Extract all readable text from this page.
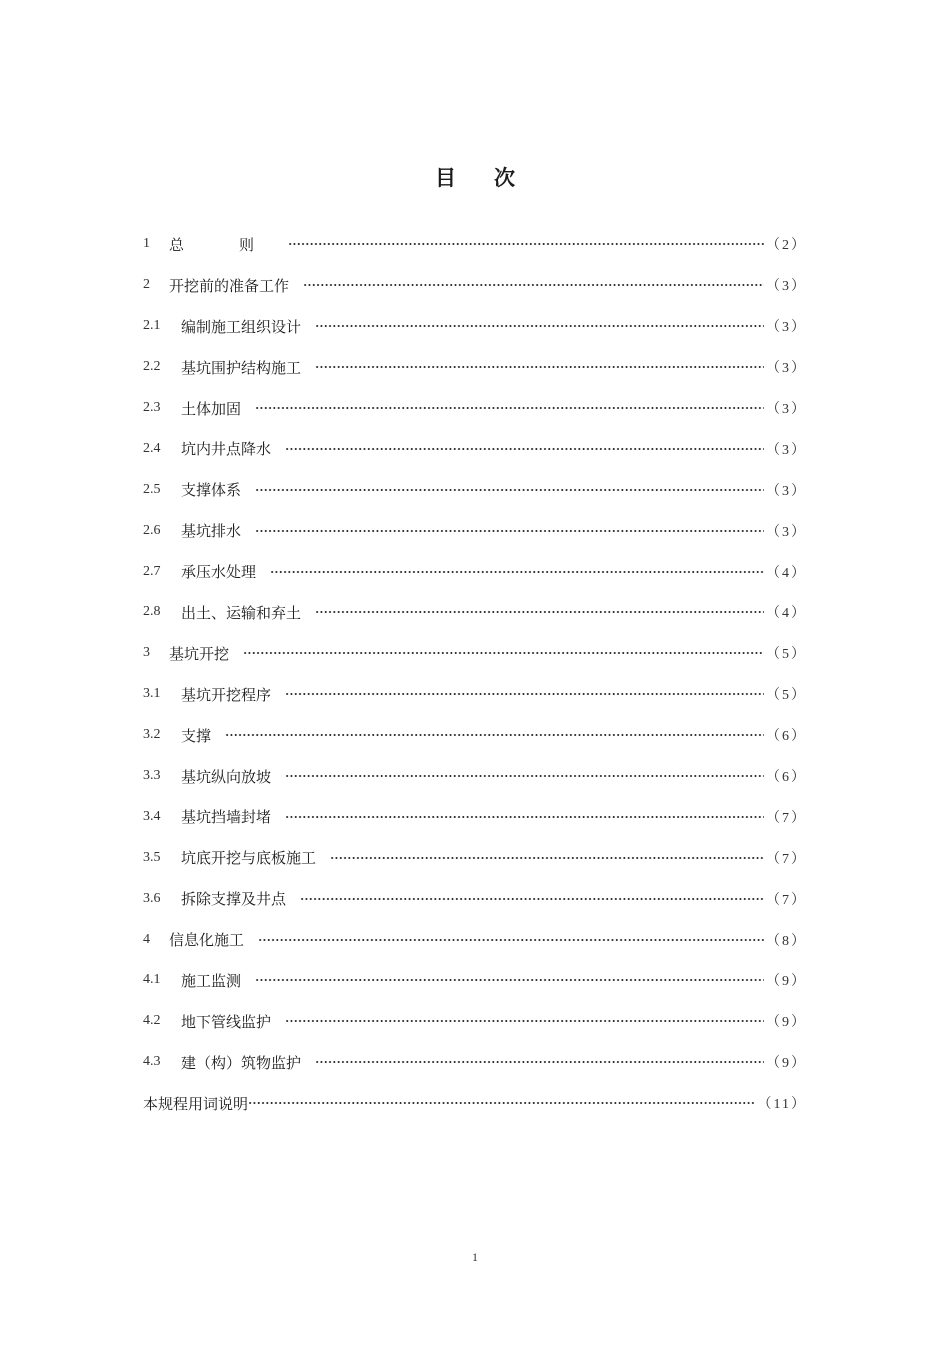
目次
1	总　则	（2）
2	开挖前的准备工作	（3）
2.1	编制施工组织设计	（3）
2.2	基坑围护结构施工	（3）
2.3	土体加固	（3）
2.4	坑内井点降水	（3）
2.5	支撑体系	（3）
2.6	基坑排水	（3）
2.7	承压水处理	（4）
2.8	出土、运输和弃土	（4）
3	基坑开挖	（5）
3.1	基坑开挖程序	（5）
3.2	支撑	（6）
3.3	基坑纵向放坡	（6）
3.4	基坑挡墙封堵	（7）
3.5	坑底开挖与底板施工	（7）
3.6	拆除支撑及井点	（7）
4	信息化施工	（8）
4.1	施工监测	（9）
4.2	地下管线监护	（9）
4.3	建（构）筑物监护	（9）
本规程用词说明	（11）
1
